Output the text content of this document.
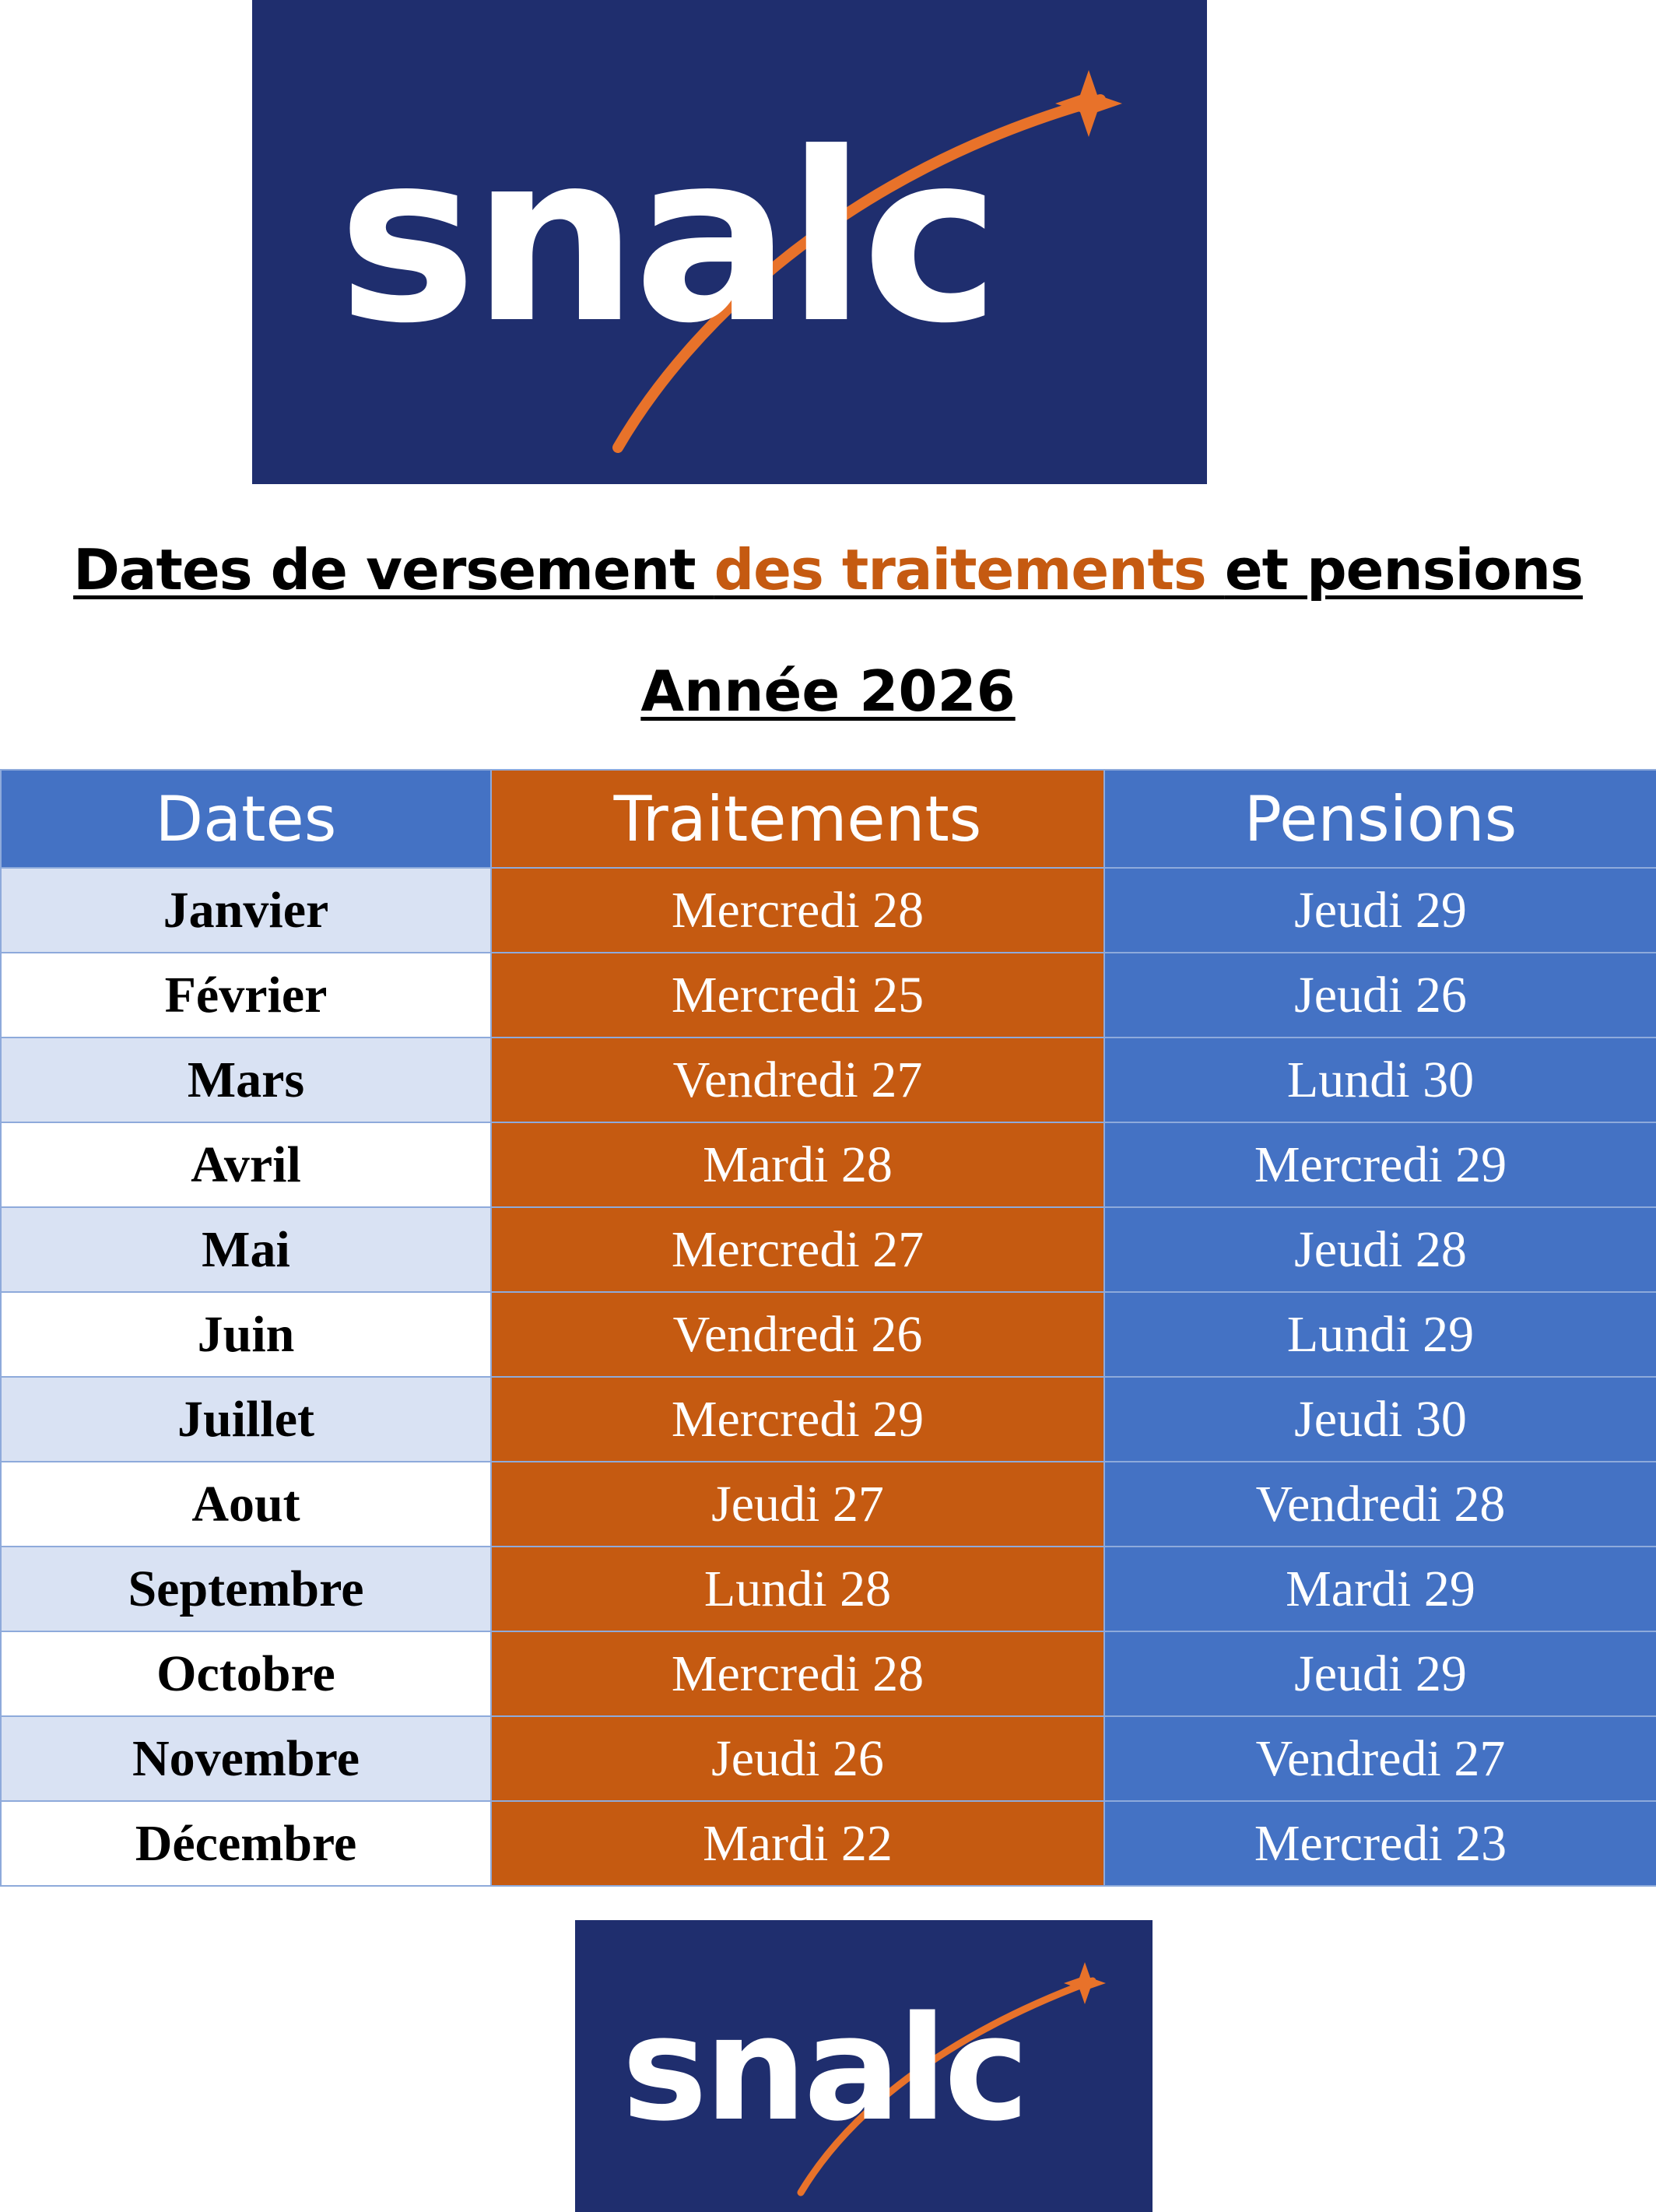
snalc
Dates de versement des traitements et pensions
Année 2026
Dates	Traitements	Pensions
Janvier	Mercredi 28	Jeudi 29
Février	Mercredi 25	Jeudi 26
Mars	Vendredi 27	Lundi 30
Avril	Mardi 28	Mercredi 29
Mai	Mercredi 27	Jeudi 28
Juin	Vendredi 26	Lundi 29
Juillet	Mercredi 29	Jeudi 30
Aout	Jeudi 27	Vendredi 28
Septembre	Lundi 28	Mardi 29
Octobre	Mercredi 28	Jeudi 29
Novembre	Jeudi 26	Vendredi 27
Décembre	Mardi 22	Mercredi 23
snalc
